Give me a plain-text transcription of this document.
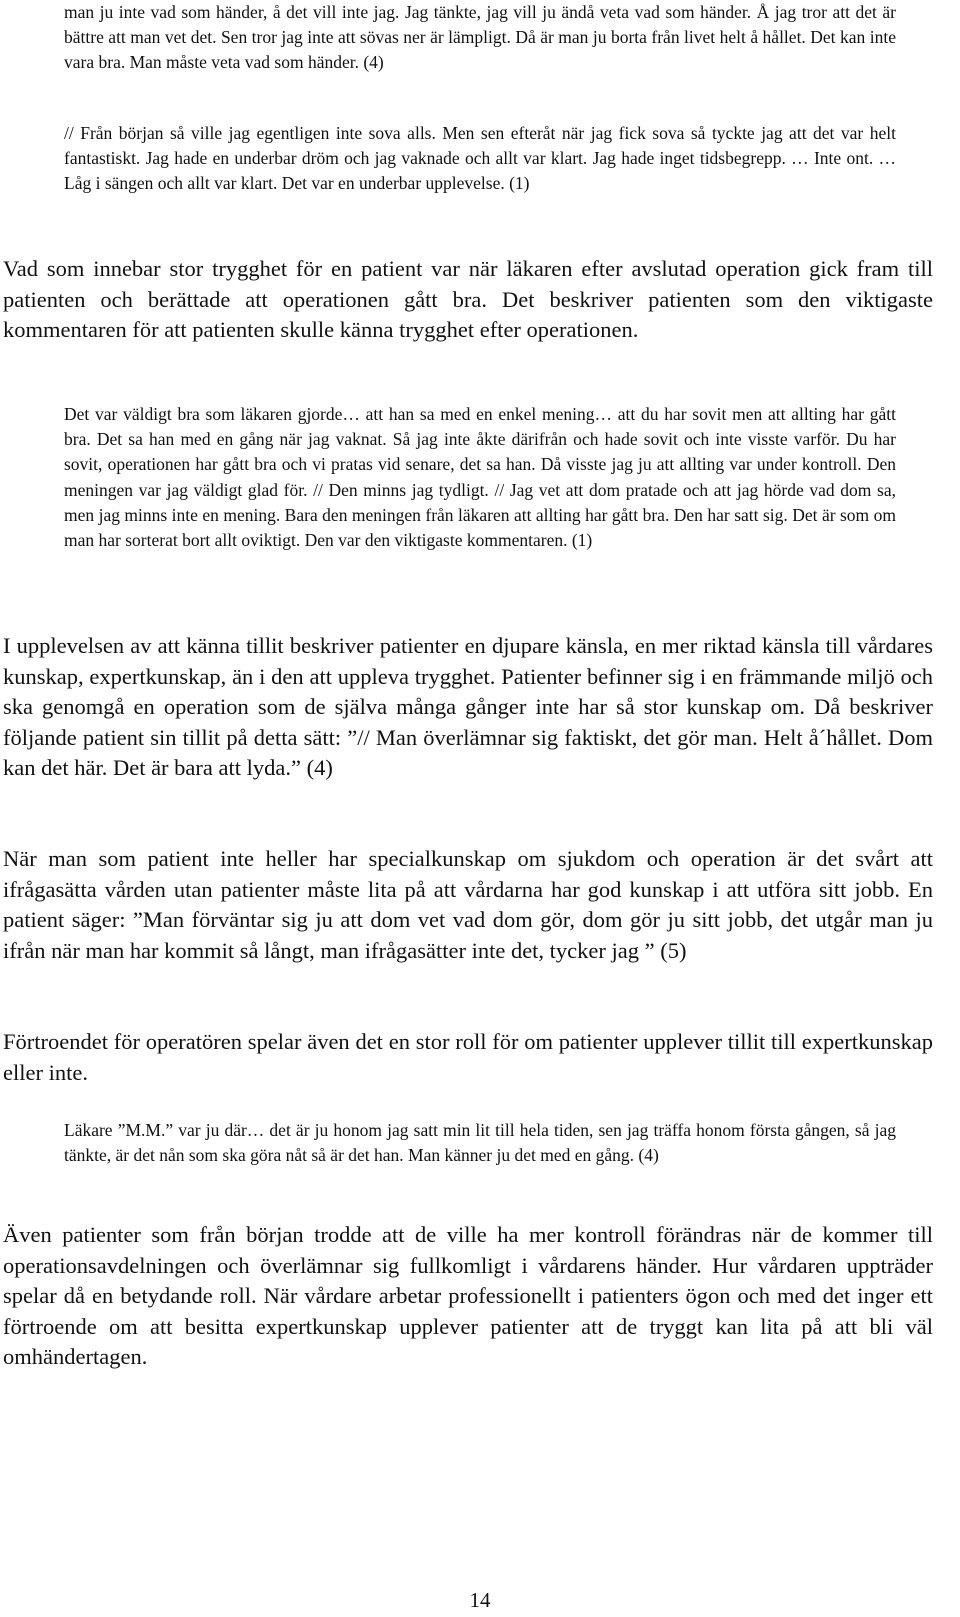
man ju inte vad som händer, å det vill inte jag. Jag tänkte, jag vill ju ändå veta vad som händer. Å jag tror att det är bättre att man vet det. Sen tror jag inte att sövas ner är lämpligt. Då är man ju borta från livet helt å hållet. Det kan inte vara bra. Man måste veta vad som händer. (4)

// Från början så ville jag egentligen inte sova alls. Men sen efteråt när jag fick sova så tyckte jag att det var helt fantastiskt. Jag hade en underbar dröm och jag vaknade och allt var klart. Jag hade inget tidsbegrepp. … Inte ont. … Låg i sängen och allt var klart. Det var en underbar upplevelse. (1)

Vad som innebar stor trygghet för en patient var när läkaren efter avslutad operation gick fram till patienten och berättade att operationen gått bra. Det beskriver patienten som den viktigaste kommentaren för att patienten skulle känna trygghet efter operationen.

Det var väldigt bra som läkaren gjorde… att han sa med en enkel mening… att du har sovit men att allting har gått bra. Det sa han med en gång när jag vaknat. Så jag inte åkte därifrån och hade sovit och inte visste varför. Du har sovit, operationen har gått bra och vi pratas vid senare, det sa han. Då visste jag ju att allting var under kontroll. Den meningen var jag väldigt glad för. // Den minns jag tydligt. // Jag vet att dom pratade och att jag hörde vad dom sa, men jag minns inte en mening. Bara den meningen från läkaren att allting har gått bra. Den har satt sig. Det är som om man har sorterat bort allt oviktigt. Den var den viktigaste kommentaren. (1)

I upplevelsen av att känna tillit beskriver patienter en djupare känsla, en mer riktad känsla till vårdares kunskap, expertkunskap, än i den att uppleva trygghet. Patienter befinner sig i en främmande miljö och ska genomgå en operation som de själva många gånger inte har så stor kunskap om. Då beskriver följande patient sin tillit på detta sätt: ”// Man överlämnar sig faktiskt, det gör man. Helt å´hållet. Dom kan det här. Det är bara att lyda.” (4)

När man som patient inte heller har specialkunskap om sjukdom och operation är det svårt att ifrågasätta vården utan patienter måste lita på att vårdarna har god kunskap i att utföra sitt jobb. En patient säger: ”Man förväntar sig ju att dom vet vad dom gör, dom gör ju sitt jobb, det utgår man ju ifrån när man har kommit så långt, man ifrågasätter inte det, tycker jag ” (5)

Förtroendet för operatören spelar även det en stor roll för om patienter upplever tillit till expertkunskap eller inte.

Läkare ”M.M.” var ju där… det är ju honom jag satt min lit till hela tiden, sen jag träffa honom första gången, så jag tänkte, är det nån som ska göra nåt så är det han. Man känner ju det med en gång. (4)

Även patienter som från början trodde att de ville ha mer kontroll förändras när de kommer till operationsavdelningen och överlämnar sig fullkomligt i vårdarens händer. Hur vårdaren uppträder spelar då en betydande roll. När vårdare arbetar professionellt i patienters ögon och med det inger ett förtroende om att besitta expertkunskap upplever patienter att de tryggt kan lita på att bli väl omhändertagen.

14
